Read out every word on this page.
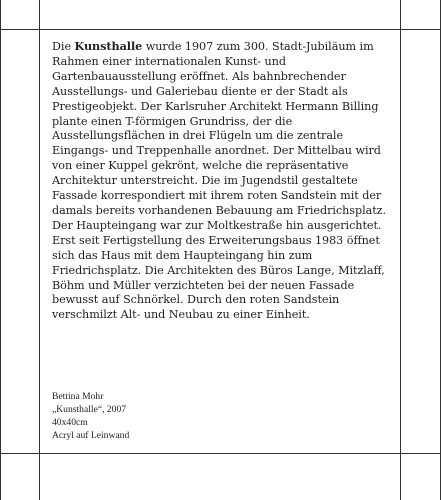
Die Kunsthalle wurde 1907 zum 300. Stadt-Jubiläum im Rahmen einer internationalen Kunst- und Gartenbauausstellung eröffnet. Als bahnbrechender Ausstellungs- und Galeriebau diente er der Stadt als Prestigeobjekt. Der Karlsruher Architekt Hermann Billing plante einen T-förmigen Grundriss, der die Ausstellungsflächen in drei Flügeln um die zentrale Eingangs- und Treppenhalle anordnet. Der Mittelbau wird von einer Kuppel gekrönt, welche die repräsentative Architektur unterstreicht. Die im Jugendstil gestaltete Fassade korrespondiert mit ihrem roten Sandstein mit der damals bereits vorhandenen Bebauung am Friedrichsplatz.

Der Haupteingang war zur Moltkestraße hin ausgerichtet. Erst seit Fertigstellung des Erweiterungsbaus 1983 öffnet sich das Haus mit dem Haupteingang hin zum Friedrichsplatz. Die Architekten des Büros Lange, Mitzlaff, Böhm und Müller verzichteten bei der neuen Fassade bewusst auf Schnörkel. Durch den roten Sandstein verschmilzt Alt- und Neubau zu einer Einheit.

Bettina Mohr
„Kunsthalle“, 2007
40x40cm
Acryl auf Leinwand
